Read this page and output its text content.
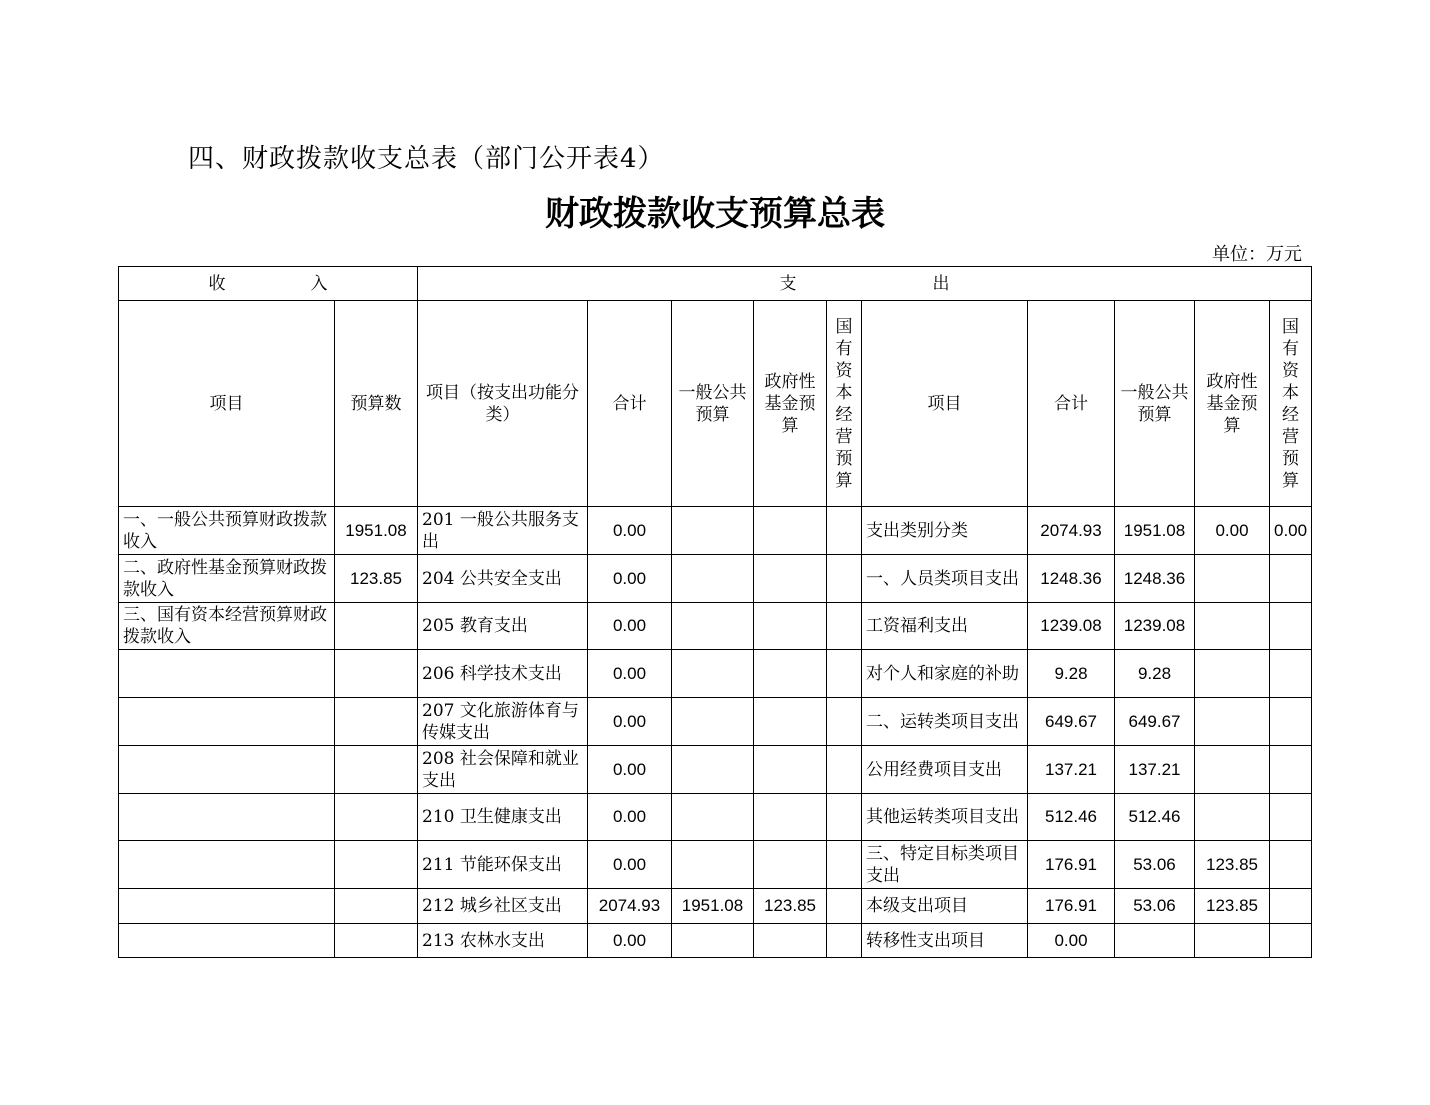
四、财政拨款收支总表（部门公开表4）
财政拨款收支预算总表
单位：万元
收　　　　　入		支　　　　　　　　出									
项目	预算数	项目（按支出功能分类）	合计	一般公共预算	政府性基金预算	国有资本经营预算	项目	合计	一般公共预算	政府性基金预算	国有资本经营预算
一、一般公共预算财政拨款收入	1951.08	201 一般公共服务支出	0.00				支出类别分类	2074.93	1951.08	0.00	0.00
二、政府性基金预算财政拨款收入	123.85	204 公共安全支出	0.00				一、人员类项目支出	1248.36	1248.36		
三、国有资本经营预算财政拨款收入		205 教育支出	0.00				工资福利支出	1239.08	1239.08		
		206 科学技术支出	0.00				对个人和家庭的补助	9.28	9.28		
		207 文化旅游体育与传媒支出	0.00				二、运转类项目支出	649.67	649.67		
		208 社会保障和就业支出	0.00				公用经费项目支出	137.21	137.21		
		210 卫生健康支出	0.00				其他运转类项目支出	512.46	512.46		
		211 节能环保支出	0.00				三、特定目标类项目支出	176.91	53.06	123.85	
		212 城乡社区支出	2074.93	1951.08	123.85		本级支出项目	176.91	53.06	123.85	
		213 农林水支出	0.00				转移性支出项目	0.00			
